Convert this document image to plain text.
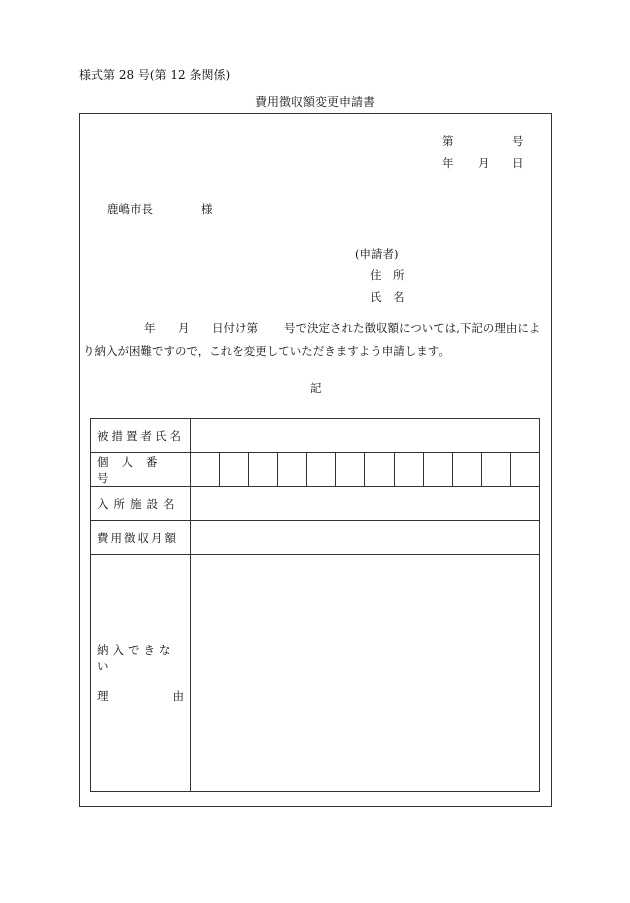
様式第 28 号(第 12 条関係)
費用徴収額変更申請書
第	号
年 月 日
鹿嶋市長	様
(申請者)
住　所
氏　名
年 月 日付け第 号で決定された徴収額については,下記の理由によ
り納入が困難ですので，これを変更していただきますよう申請します。
記
被措置者氏名	

個人番号	

入所施設名	

費用徴収月額	

納入できない
理 由	
